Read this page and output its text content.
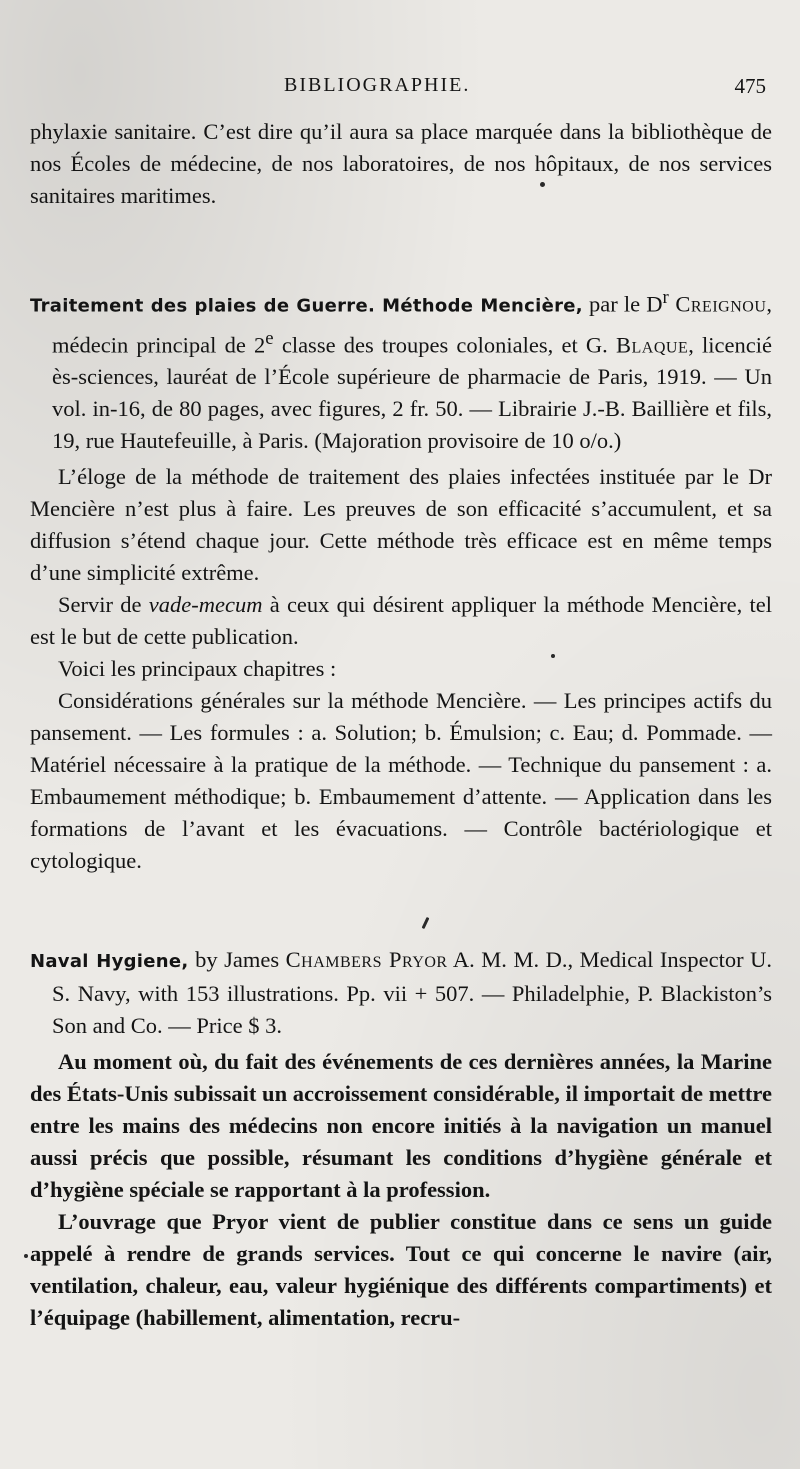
BIBLIOGRAPHIE.	475

phylaxie sanitaire. C’est dire qu’il aura sa place marquée dans la bibliothèque de nos Écoles de médecine, de nos laboratoires, de nos hôpitaux, de nos services sanitaires maritimes.

Traitement des plaies de Guerre. Méthode Mencière, par le $D^r$ Creignou, médecin principal de 2e classe des troupes coloniales, et G. Blaque, licencié ès-sciences, lauréat de l’École supérieure de pharmacie de Paris, 1919. — Un vol. in-16, de 80 pages, avec figures, 2 fr. 50. — Librairie J.-B. Baillière et fils, 19, rue Hautefeuille, à Paris. (Majoration provisoire de 10 o/o.)

L’éloge de la méthode de traitement des plaies infectées instituée par le Dr Mencière n’est plus à faire. Les preuves de son efficacité s’accumulent, et sa diffusion s’étend chaque jour. Cette méthode très efficace est en même temps d’une simplicité extrême.

Servir de vade-mecum à ceux qui désirent appliquer la méthode Mencière, tel est le but de cette publication.

Voici les principaux chapitres :

Considérations générales sur la méthode Mencière. — Les principes actifs du pansement. — Les formules : a. Solution; b. Émulsion; c. Eau; d. Pommade. — Matériel nécessaire à la pratique de la méthode. — Technique du pansement : a. Embaumement méthodique; b. Embaumement d’attente. — Application dans les formations de l’avant et les évacuations. — Contrôle bactériologique et cytologique.

Naval Hygiene, by James Chambers Pryor A. M. M. D., Medical Inspector U. S. Navy, with 153 illustrations. Pp. vii + 507. — Philadelphie, P. Blackiston’s Son and Co. — Price $ 3.

Au moment où, du fait des événements de ces dernières années, la Marine des États-Unis subissait un accroissement considérable, il importait de mettre entre les mains des médecins non encore initiés à la navigation un manuel aussi précis que possible, résumant les conditions d’hygiène générale et d’hygiène spéciale se rapportant à la profession.

L’ouvrage que Pryor vient de publier constitue dans ce sens un guide appelé à rendre de grands services. Tout ce qui concerne le navire (air, ventilation, chaleur, eau, valeur hygiénique des différents compartiments) et l’équipage (habillement, alimentation, recru-
